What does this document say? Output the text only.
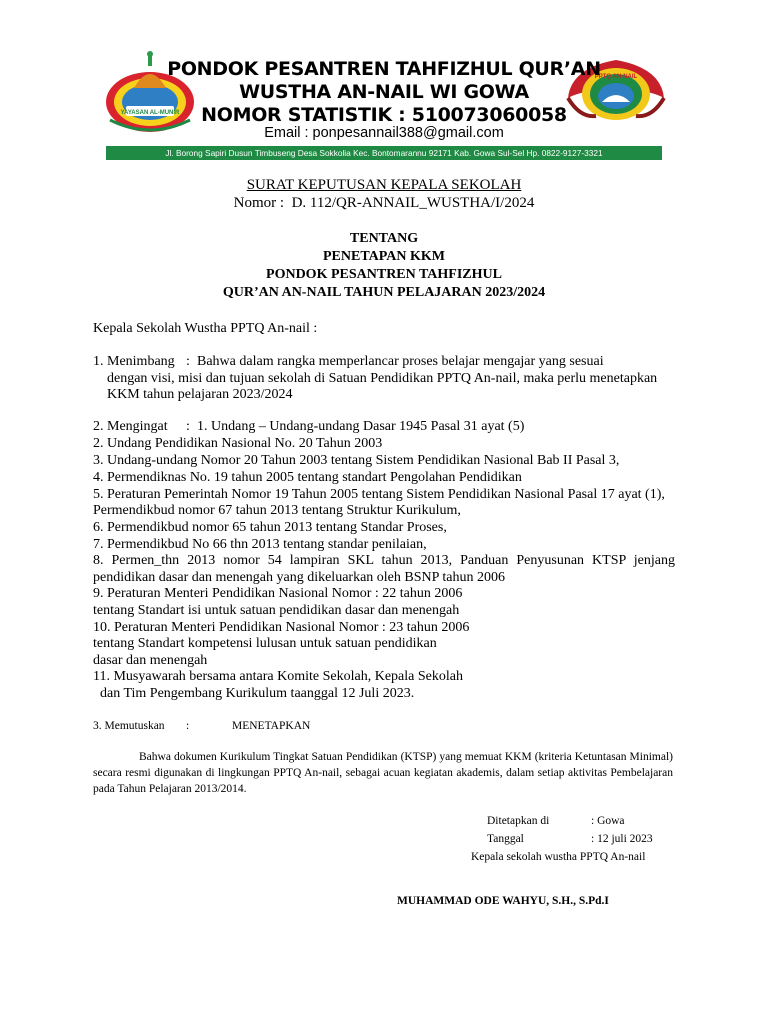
YAYASAN AL-MUNIR
PPTQ AN-NAIL
PONDOK PESANTREN TAHFIZHUL QUR’AN
WUSTHA AN-NAIL WI GOWA
NOMOR STATISTIK : 510073060058
Email : ponpesannail388@gmail.com
Jl. Borong Sapiri Dusun Timbuseng Desa Sokkolia Kec. Bontomarannu 92171 Kab. Gowa Sul-Sel Hp. 0822-9127-3321
SURAT KEPUTUSAN KEPALA SEKOLAH
Nomor : D. 112/QR-ANNAIL_WUSTHA/I/2024
TENTANG
PENETAPAN KKM
PONDOK PESANTREN TAHFIZHUL
QUR’AN AN-NAIL TAHUN PELAJARAN 2023/2024
Kepala Sekolah Wustha PPTQ An-nail :
1. Menimbang : Bahwa dalam rangka memperlancar proses belajar mengajar yang sesuai
dengan visi, misi dan tujuan sekolah di Satuan Pendidikan PPTQ An-nail, maka perlu menetapkan
KKM tahun pelajaran 2023/2024
2. Mengingat : 1. Undang – Undang-undang Dasar 1945 Pasal 31 ayat (5)
2. Undang Pendidikan Nasional No. 20 Tahun 2003
3. Undang-undang Nomor 20 Tahun 2003 tentang Sistem Pendidikan Nasional Bab II Pasal 3,
4. Permendiknas No. 19 tahun 2005 tentang standart Pengolahan Pendidikan
5. Peraturan Pemerintah Nomor 19 Tahun 2005 tentang Sistem Pendidikan Nasional Pasal 17 ayat (1),
Permendikbud nomor 67 tahun 2013 tentang Struktur Kurikulum,
6. Permendikbud nomor 65 tahun 2013 tentang Standar Proses,
7. Permendikbud No 66 thn 2013 tentang standar penilaian,
8. Permen_thn 2013 nomor 54 lampiran SKL tahun 2013, Panduan Penyusunan KTSP jenjang
pendidikan dasar dan menengah yang dikeluarkan oleh BSNP tahun 2006
9. Peraturan Menteri Pendidikan Nasional Nomor : 22 tahun 2006
tentang Standart isi untuk satuan pendidikan dasar dan menengah
10. Peraturan Menteri Pendidikan Nasional Nomor : 23 tahun 2006
tentang Standart kompetensi lulusan untuk satuan pendidikan
dasar dan menengah
11. Musyawarah bersama antara Komite Sekolah, Kepala Sekolah
dan Tim Pengembang Kurikulum taanggal 12 Juli 2023.
3. Memutuskan :	MENETAPKAN
Bahwa dokumen Kurikulum Tingkat Satuan Pendidikan (KTSP) yang memuat KKM (kriteria Ketuntasan Minimal) secara resmi digunakan di lingkungan PPTQ An-nail, sebagai acuan kegiatan akademis, dalam setiap aktivitas Pembelajaran pada Tahun Pelajaran 2013/2014.
Ditetapkan di	: Gowa
Tanggal	: 12 juli 2023
Kepala sekolah wustha PPTQ An-nail
MUHAMMAD ODE WAHYU, S.H., S.Pd.I
